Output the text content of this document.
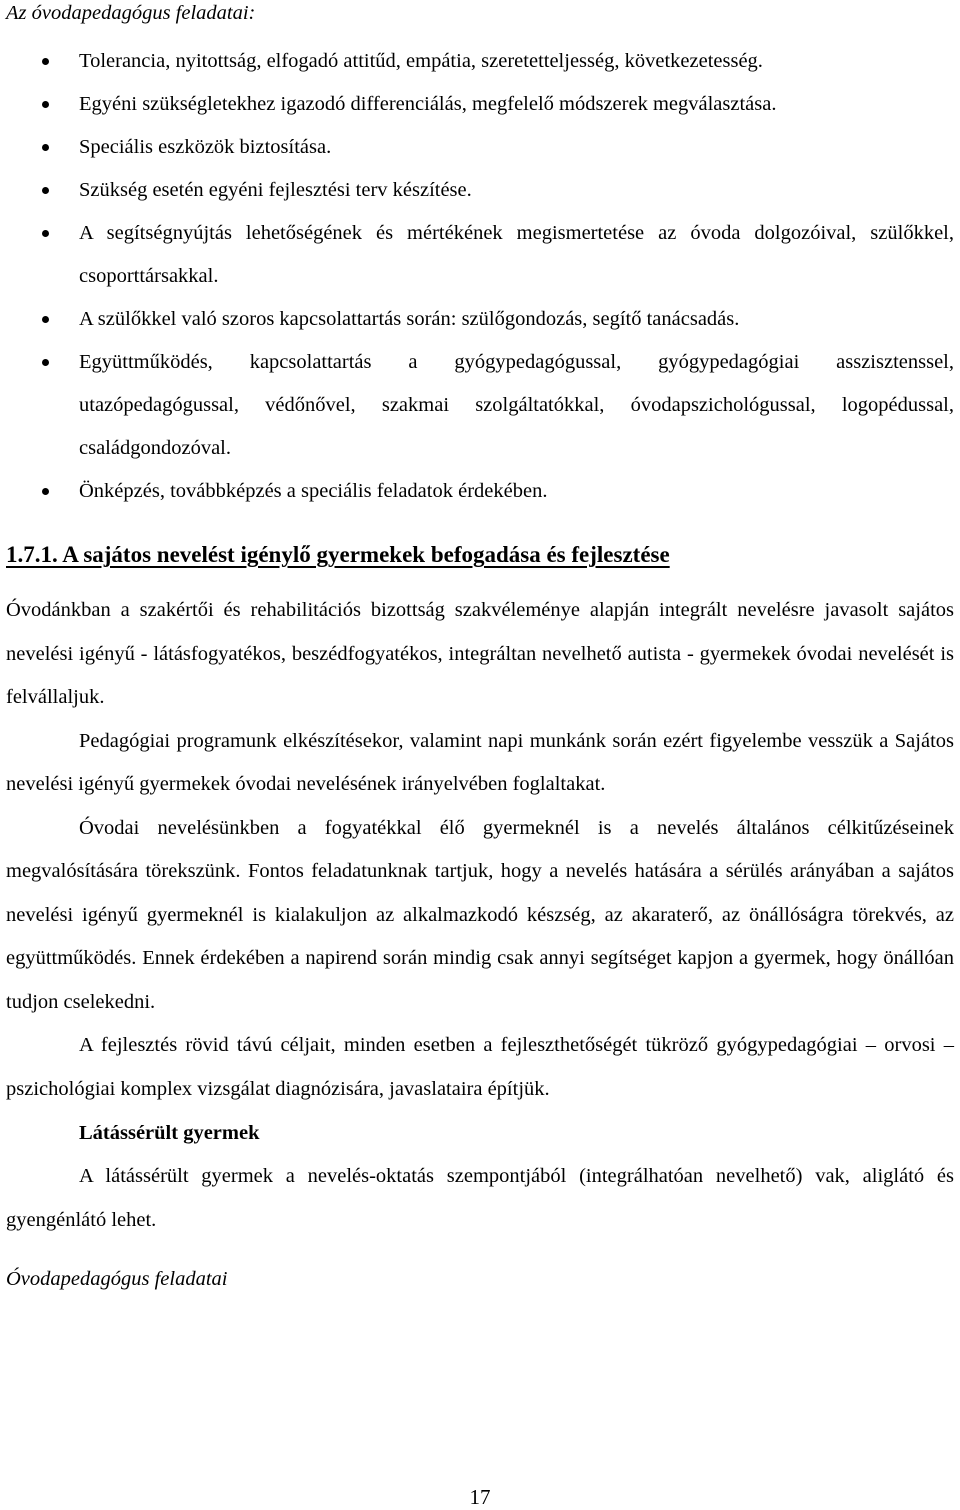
Az óvodapedagógus feladatai:

Tolerancia, nyitottság, elfogadó attitűd, empátia, szeretetteljesség, következetesség.
Egyéni szükségletekhez igazodó differenciálás, megfelelő módszerek megválasztása.
Speciális eszközök biztosítása.
Szükség esetén egyéni fejlesztési terv készítése.
A segítségnyújtás lehetőségének és mértékének megismertetése az óvoda dolgozóival, szülőkkel, csoporttársakkal.
A szülőkkel való szoros kapcsolattartás során: szülőgondozás, segítő tanácsadás.
Együttműködés, kapcsolattartás a gyógypedagógussal, gyógypedagógiai asszisztenssel, utazópedagógussal, védőnővel, szakmai szolgáltatókkal, óvodapszichológussal, logopédussal, családgondozóval.
Önképzés, továbbképzés a speciális feladatok érdekében.
1.7.1. A sajátos nevelést igénylő gyermekek befogadása és fejlesztése

Óvodánkban a szakértői és rehabilitációs bizottság szakvéleménye alapján integrált nevelésre javasolt sajátos nevelési igényű - látásfogyatékos, beszédfogyatékos, integráltan nevelhető autista - gyermekek óvodai nevelését is felvállaljuk.

Pedagógiai programunk elkészítésekor, valamint napi munkánk során ezért figyelembe vesszük a Sajátos nevelési igényű gyermekek óvodai nevelésének irányelvében foglaltakat.

Óvodai nevelésünkben a fogyatékkal élő gyermeknél is a nevelés általános célkitűzéseinek megvalósítására törekszünk. Fontos feladatunknak tartjuk, hogy a nevelés hatására a sérülés arányában a sajátos nevelési igényű gyermeknél is kialakuljon az alkalmazkodó készség, az akaraterő, az önállóságra törekvés, az együttműködés. Ennek érdekében a napirend során mindig csak annyi segítséget kapjon a gyermek, hogy önállóan tudjon cselekedni.

A fejlesztés rövid távú céljait, minden esetben a fejleszthetőségét tükröző gyógypedagógiai – orvosi – pszichológiai komplex vizsgálat diagnózisára, javaslataira építjük.

Látássérült gyermek

A látássérült gyermek a nevelés-oktatás szempontjából (integrálhatóan nevelhető) vak, aliglátó és gyengénlátó lehet.

Óvodapedagógus feladatai

17
